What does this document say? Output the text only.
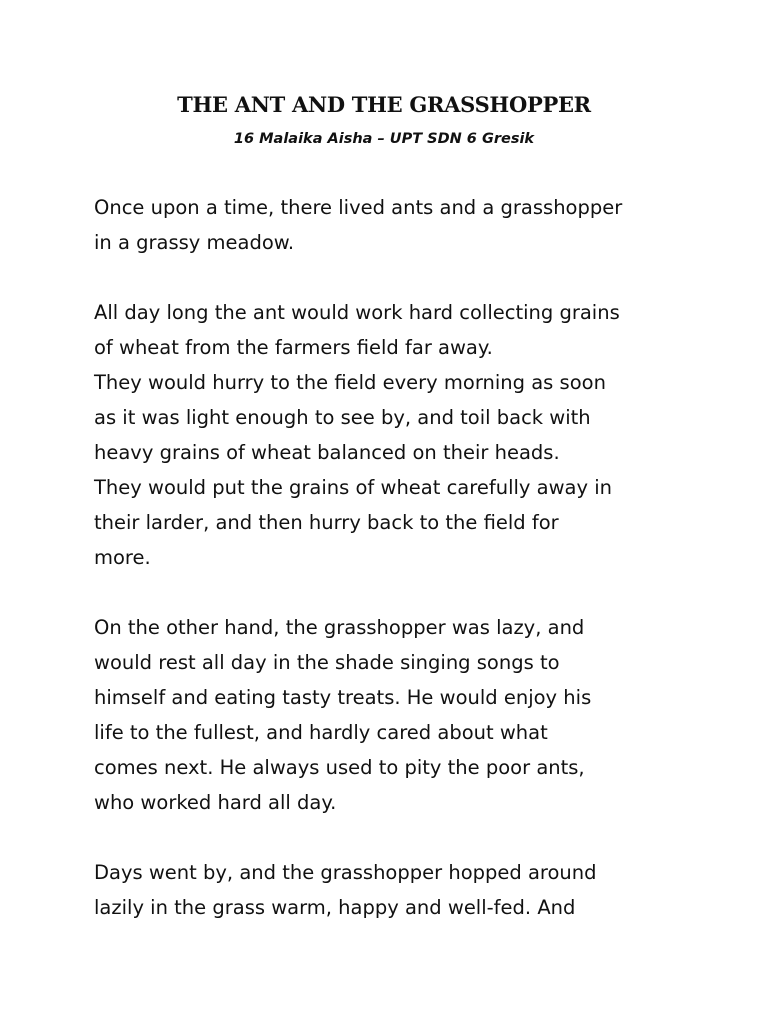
THE ANT AND THE GRASSHOPPER

16 Malaika Aisha – UPT SDN 6 Gresik

Once upon a time, there lived ants and a grasshopper
in a grassy meadow.
All day long the ant would work hard collecting grains
of wheat from the farmers field far away.
They would hurry to the field every morning as soon
as it was light enough to see by, and toil back with
heavy grains of wheat balanced on their heads.
They would put the grains of wheat carefully away in
their larder, and then hurry back to the field for
more.
On the other hand, the grasshopper was lazy, and
would rest all day in the shade singing songs to
himself and eating tasty treats. He would enjoy his
life to the fullest, and hardly cared about what
comes next. He always used to pity the poor ants,
who worked hard all day.
Days went by, and the grasshopper hopped around
lazily in the grass warm, happy and well-fed. And
